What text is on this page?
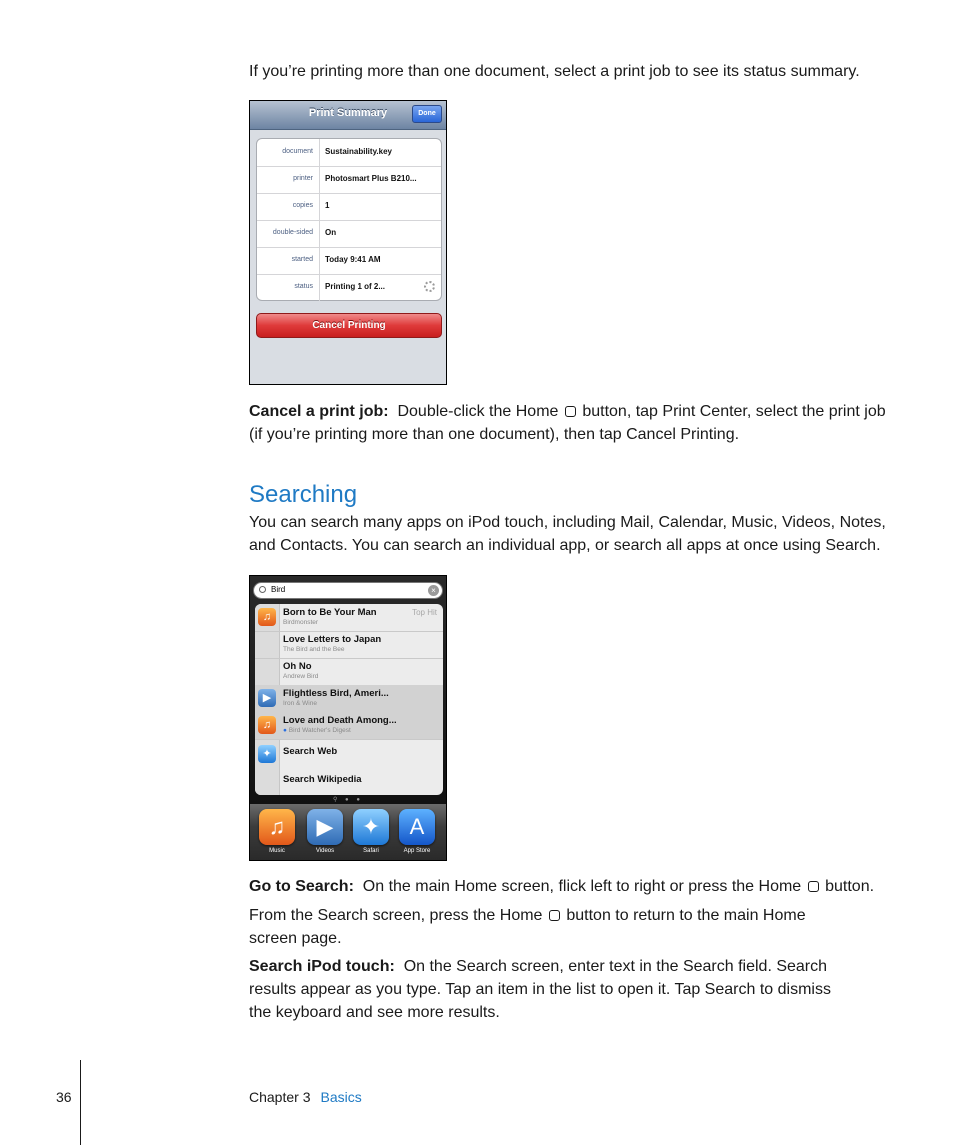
If you’re printing more than one document, select a print job to see its status summary.

Print Summary	Done
document Sustainability.key
printer Photosmart Plus B210...
copies 1
double-sided On
started Today 9:41 AM
status Printing 1 of 2...
Cancel Printing

Cancel a print job: Double-click the Home button, tap Print Center, select the print job (if you’re printing more than one document), then tap Cancel Printing.

Searching

You can search many apps on iPod touch, including Mail, Calendar, Music, Videos, Notes, and Contacts. You can search an individual app, or search all apps at once using Search.

Bird	×
♫	Born to Be Your Man
Birdmonster
Top Hit
Love Letters to Japan
The Bird and the Bee
Oh No
Andrew Bird
▶	Flightless Bird, Ameri...
Iron & Wine
♫	Love and Death Among...
● Bird Watcher's Digest
✦	Search Web
Search Wikipedia
⚲ ● ●
♫
Music
▶
Videos
✦
Safari
A
App Store

Go to Search: On the main Home screen, flick left to right or press the Home button.

From the Search screen, press the Home button to return to the main Home screen page.

Search iPod touch: On the Search screen, enter text in the Search field. Search results appear as you type. Tap an item in the list to open it. Tap Search to dismiss the keyboard and see more results.

36	Chapter 3 Basics
